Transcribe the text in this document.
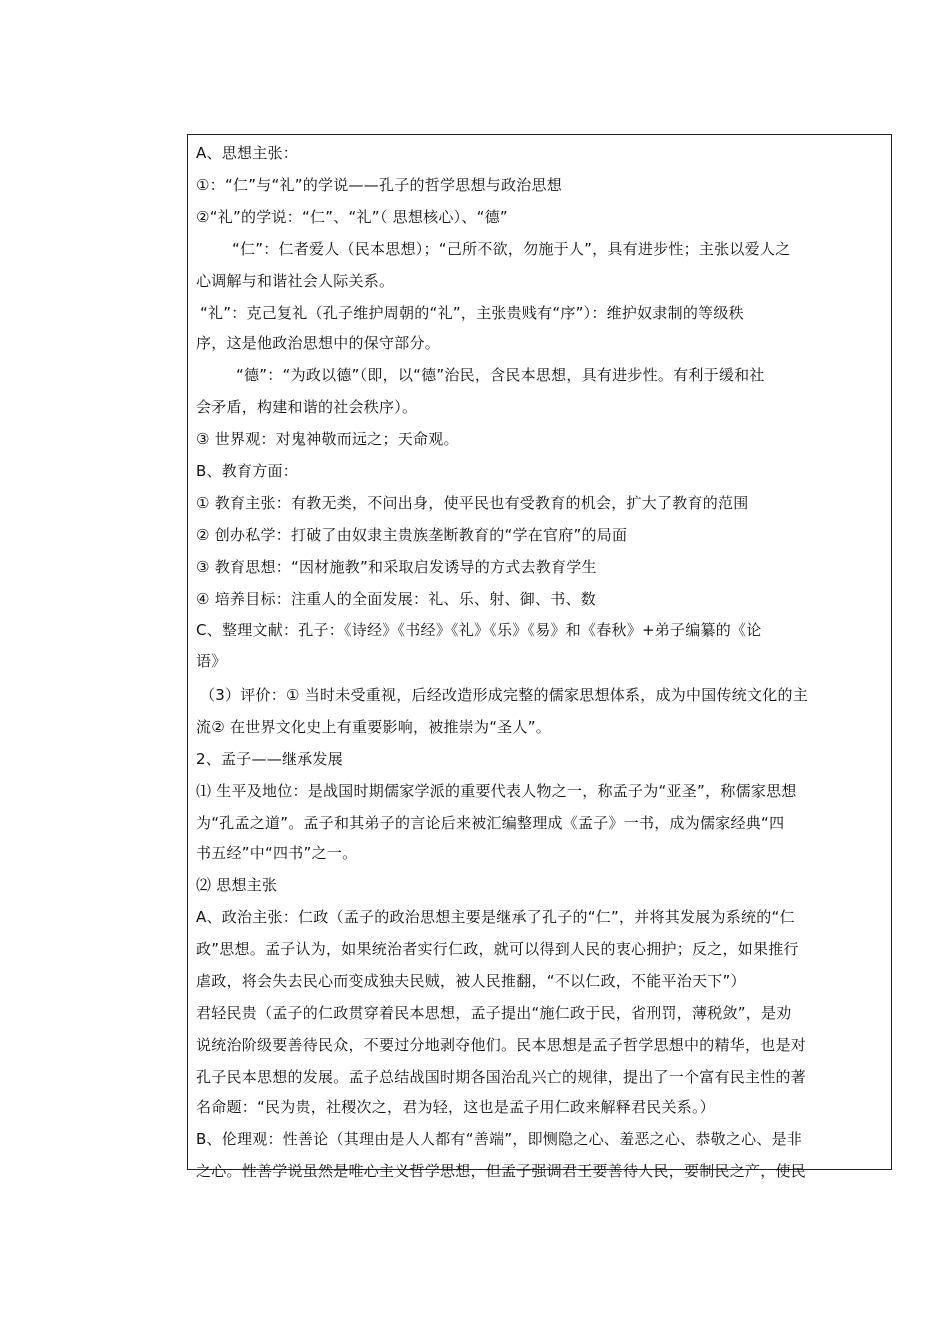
A、思想主张：
①：“仁”与“礼”的学说——孔子的哲学思想与政治思想
②“礼”的学说：“仁”、“礼”（ 思想核心）、“德”
“仁”：仁者爱人（民本思想）；“己所不欲，勿施于人”，具有进步性；主张以爱人之
心调解与和谐社会人际关系。
“礼”：克己复礼（孔子维护周朝的“礼”，主张贵贱有“序”）：维护奴隶制的等级秩
序，这是他政治思想中的保守部分。
“德”：“为政以德”（即，以“德”治民，含民本思想，具有进步性。有利于缓和社
会矛盾，构建和谐的社会秩序）。
③ 世界观：对鬼神敬而远之；天命观。
B、教育方面：
① 教育主张：有教无类，不问出身，使平民也有受教育的机会，扩大了教育的范围
② 创办私学：打破了由奴隶主贵族垄断教育的“学在官府”的局面
③ 教育思想：“因材施教”和采取启发诱导的方式去教育学生
④ 培养目标：注重人的全面发展：礼、乐、射、御、书、数
C、整理文献：孔子：《诗经》《书经》《礼》《乐》《易》和《春秋》+弟子编纂的《论
语》
（3）评价：① 当时未受重视，后经改造形成完整的儒家思想体系，成为中国传统文化的主
流② 在世界文化史上有重要影响，被推崇为“圣人”。
2、孟子——继承发展
⑴ 生平及地位：是战国时期儒家学派的重要代表人物之一，称孟子为“亚圣”，称儒家思想
为“孔孟之道”。孟子和其弟子的言论后来被汇编整理成《孟子》一书，成为儒家经典“四
书五经”中“四书”之一。
⑵ 思想主张
A、政治主张：仁政（孟子的政治思想主要是继承了孔子的“仁”，并将其发展为系统的“仁
政”思想。孟子认为，如果统治者实行仁政，就可以得到人民的衷心拥护；反之，如果推行
虐政，将会失去民心而变成独夫民贼，被人民推翻，“不以仁政，不能平治天下”）
君轻民贵（孟子的仁政贯穿着民本思想，孟子提出“施仁政于民，省刑罚，薄税敛”，是劝
说统治阶级要善待民众，不要过分地剥夺他们。民本思想是孟子哲学思想中的精华，也是对
孔子民本思想的发展。孟子总结战国时期各国治乱兴亡的规律，提出了一个富有民主性的著
名命题：“民为贵，社稷次之，君为轻，这也是孟子用仁政来解释君民关系。）
B、伦理观：性善论（其理由是人人都有“善端”，即恻隐之心、羞恶之心、恭敬之心、是非
之心。性善学说虽然是唯心主义哲学思想，但孟子强调君王要善待人民，要制民之产，使民
